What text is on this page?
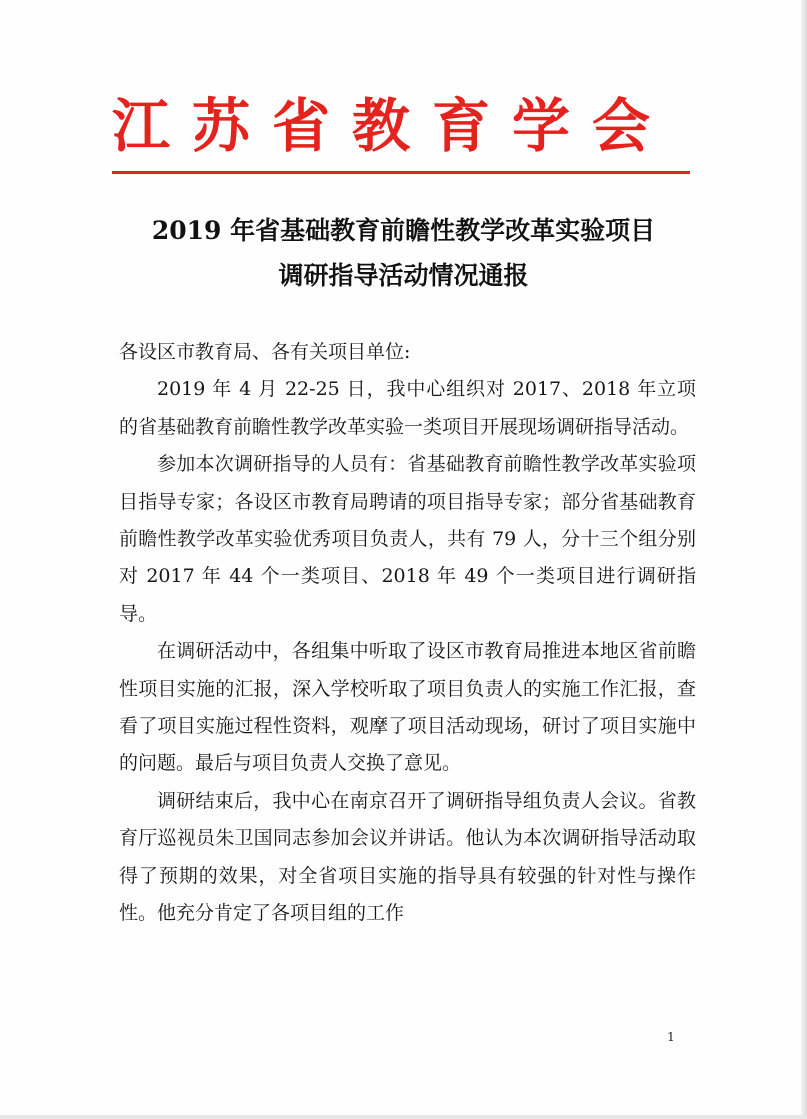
江苏省教育学会
2019 年省基础教育前瞻性教学改革实验项目
调研指导活动情况通报

各设区市教育局、各有关项目单位:

2019 年 4 月 22-25 日，我中心组织对 2017、2018 年立项的省基础教育前瞻性教学改革实验一类项目开展现场调研指导活动。

参加本次调研指导的人员有：省基础教育前瞻性教学改革实验项目指导专家；各设区市教育局聘请的项目指导专家；部分省基础教育前瞻性教学改革实验优秀项目负责人，共有 79 人，分十三个组分别对 2017 年 44 个一类项目、2018 年 49 个一类项目进行调研指导。

在调研活动中，各组集中听取了设区市教育局推进本地区省前瞻性项目实施的汇报，深入学校听取了项目负责人的实施工作汇报，查看了项目实施过程性资料，观摩了项目活动现场，研讨了项目实施中的问题。最后与项目负责人交换了意见。

调研结束后，我中心在南京召开了调研指导组负责人会议。省教育厅巡视员朱卫国同志参加会议并讲话。他认为本次调研指导活动取得了预期的效果，对全省项目实施的指导具有较强的针对性与操作性。他充分肯定了各项目组的工作

1
